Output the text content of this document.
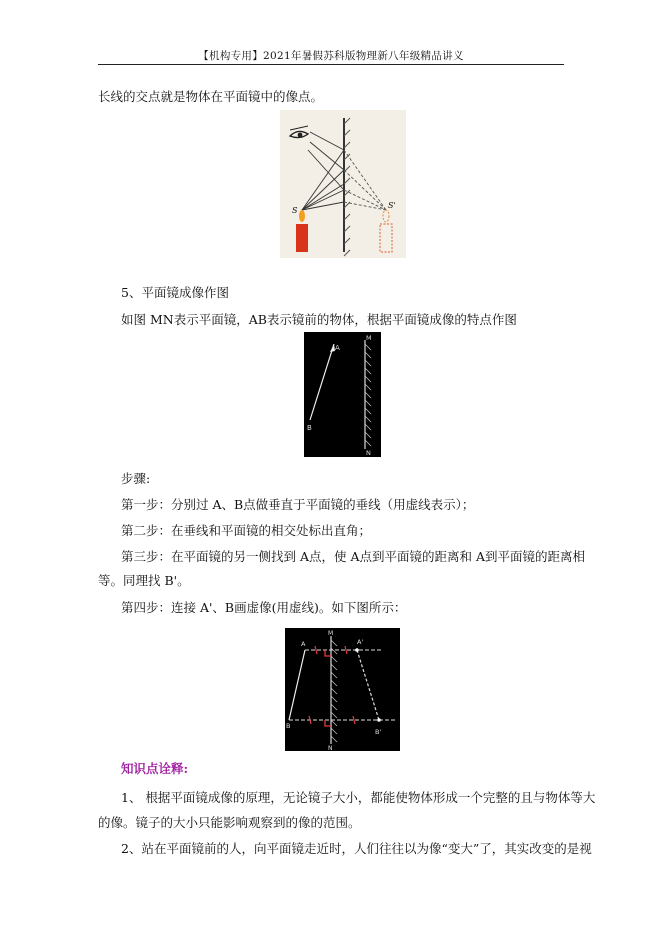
【机构专用】2021年暑假苏科版物理新八年级精品讲义
长线的交点就是物体在平面镜中的像点。
S
S'
5、平面镜成像作图
如图 MN表示平面镜，AB表示镜前的物体，根据平面镜成像的特点作图
A
B
M
N
步骤:
第一步：分别过 A、B点做垂直于平面镜的垂线（用虚线表示）；
第二步：在垂线和平面镜的相交处标出直角；
第三步：在平面镜的另一侧找到 A点，使 A点到平面镜的距离和 A到平面镜的距离相
等。同理找 B'。
第四步：连接 A'、B画虚像(用虚线)。如下图所示：
A
B
M
N
A'
B'
知识点诠释:
1、 根据平面镜成像的原理，无论镜子大小，都能使物体形成一个完整的且与物体等大
的像。镜子的大小只能影响观察到的像的范围。
2、站在平面镜前的人，向平面镜走近时，人们往往以为像“变大”了，其实改变的是视
